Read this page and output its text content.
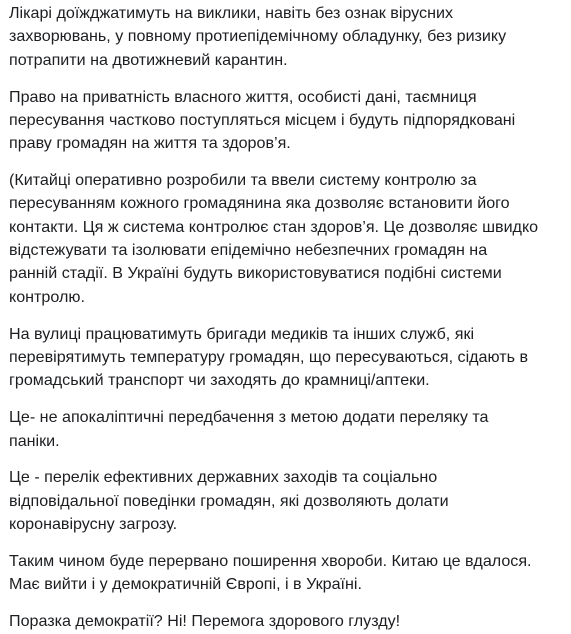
Лікарі доїжджатимуть на виклики, навіть без ознак вірусних
захворювань, у повному протиепідемічному обладунку, без ризику
потрапити на двотижневий карантин.

Право на приватність власного життя, особисті дані, таємниця
пересування частково поступляться місцем і будуть підпорядковані
праву громадян на життя та здоров’я.

(Китайці оперативно розробили та ввели систему контролю за
пересуванням кожного громадянина яка дозволяє встановити його
контакти. Ця ж система контролює стан здоров’я. Це дозволяє швидко
відстежувати та ізолювати епідемічно небезпечних громадян на
ранній стадії. В Україні будуть використовуватися подібні системи
контролю.

На вулиці працюватимуть бригади медиків та інших служб, які
перевірятимуть температуру громадян, що пересуваються, сідають в
громадський транспорт чи заходять до крамниці/аптеки.

Це- не апокаліптичні передбачення з метою додати переляку та
паніки.

Це - перелік ефективних державних заходів та соціально
відповідальної поведінки громадян, які дозволяють долати
коронавірусну загрозу.

Таким чином буде перервано поширення хвороби. Китаю це вдалося.
Має вийти і у демократичній Європі, і в Україні.

Поразка демократії? Ні! Перемога здорового глузду!
